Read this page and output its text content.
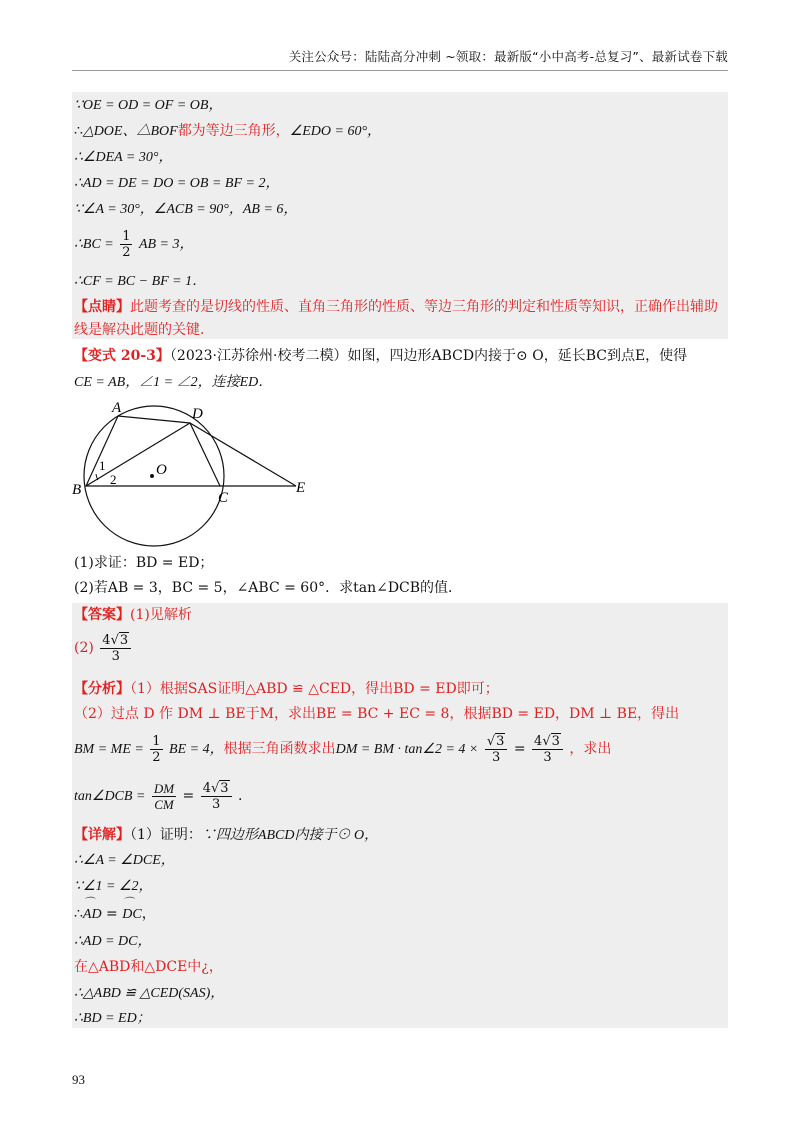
关注公众号：陆陆高分冲刺 ~领取：最新版“小中高考-总复习”、最新试卷下载
∵OE = OD = OF = OB，
∴△DOE、△BOF都为等边三角形，∠EDO = 60°，
∴∠DEA = 30°，
∴AD = DE = DO = OB = BF = 2，
∵∠A = 30°，∠ACB = 90°，AB = 6，
∴BC = $\frac{1}{2}$ AB = 3，
∴CF = BC − BF = 1．
【点睛】此题考查的是切线的性质、直角三角形的性质、等边三角形的判定和性质等知识，正确作出辅助
线是解决此题的关键.
【变式 20-3】（2023·江苏徐州·校考二模）如图，四边形ABCD内接于⊙ O，延长BC到点E，使得
CE = AB，∠1 = ∠2，连接ED．
A	D
B	C
E
O
1
2
(1)求证：BD = ED；
(2)若AB = 3，BC = 5，∠ABC = 60°．求tan∠DCB的值．
【答案】(1)见解析
$(2) \frac{4√3}{3}$
【分析】（1）根据SAS证明△ABD ≌ △CED，得出BD = ED即可；
（2）过点 D 作 DM ⊥ BE于M，求出BE = BC + EC = 8，根据BD = ED，DM ⊥ BE，得出
BM = ME = $\frac{1}{2}$ BE = 4，根据三角函数求出DM = BM · tan∠2 = $4 \times \frac{√3}{3} = \frac{4√3}{3}$ ，求出
tan∠DCB = $\frac{DM}{CM} = \frac{4√3}{3}$ .
【详解】（1）证明：∵四边形ABCD内接于⊙ O，
∴∠A = ∠DCE，
∵∠1 = ∠2，
∴⌒ AD = ⌒ DC，
∴AD = DC，
在△ABD和△DCE中¿，
∴△ABD ≌ △CED(SAS)，
∴BD = ED；
93
